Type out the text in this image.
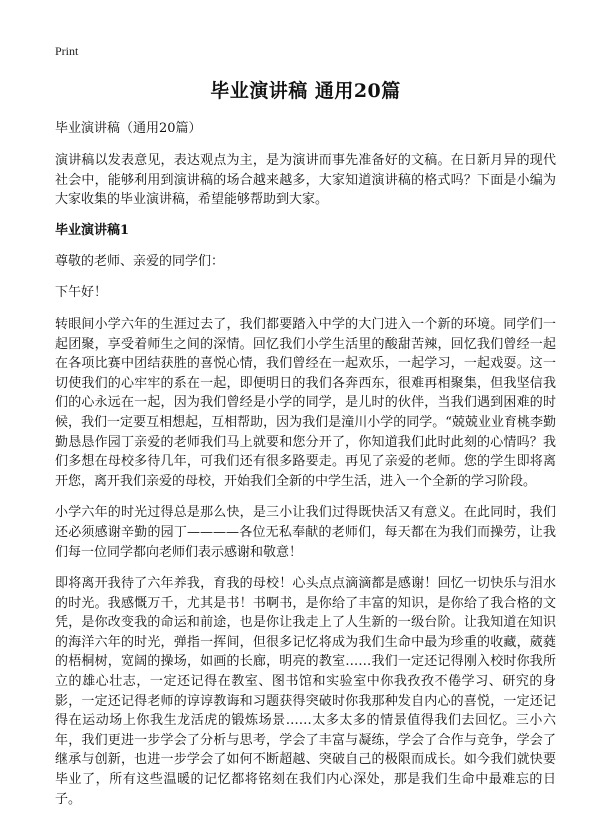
Print
毕业演讲稿 通用20篇
毕业演讲稿（通用20篇）

演讲稿以发表意见，表达观点为主，是为演讲而事先准备好的文稿。在日新月异的现代社会中，能够利用到演讲稿的场合越来越多，大家知道演讲稿的格式吗？下面是小编为大家收集的毕业演讲稿，希望能够帮助到大家。

毕业演讲稿1

尊敬的老师、亲爱的同学们：

下午好！

转眼间小学六年的生涯过去了，我们都要踏入中学的大门进入一个新的环境。同学们一起团聚，享受着师生之间的深情。回忆我们小学生活里的酸甜苦辣，回忆我们曾经一起在各项比赛中团结获胜的喜悦心情，我们曾经在一起欢乐，一起学习，一起戏耍。这一切使我们的心牢牢的系在一起，即便明日的我们各奔西东，很难再相聚集，但我坚信我们的心永远在一起，因为我们曾经是小学的同学，是儿时的伙伴，当我们遇到困难的时候，我们一定要互相想起，互相帮助，因为我们是潼川小学的同学。“兢兢业业育桃李勤勤恳恳作园丁亲爱的老师我们马上就要和您分开了，你知道我们此时此刻的心情吗？我们多想在母校多待几年，可我们还有很多路要走。再见了亲爱的老师。您的学生即将离开您，离开我们亲爱的母校，开始我们全新的中学生活，进入一个全新的学习阶段。

小学六年的时光过得总是那么快，是三小让我们过得既快活又有意义。在此同时，我们还必须感谢辛勤的园丁————各位无私奉献的老师们，每天都在为我们而操劳，让我们每一位同学都向老师们表示感谢和敬意！

即将离开我待了六年养我，育我的母校！心头点点滴滴都是感谢！回忆一切快乐与泪水的时光。我感慨万千，尤其是书！书啊书，是你给了丰富的知识，是你给了我合格的文凭，是你改变我的命运和前途，也是你让我走上了人生新的一级台阶。让我知道在知识的海洋六年的时光，弹指一挥间，但很多记忆将成为我们生命中最为珍重的收藏，葳蕤的梧桐树，宽阔的操场，如画的长廊，明亮的教室……我们一定还记得刚入校时你我所立的雄心壮志，一定还记得在教室、图书馆和实验室中你我孜孜不倦学习、研究的身影，一定还记得老师的谆谆教诲和习题获得突破时你我那种发自内心的喜悦，一定还记得在运动场上你我生龙活虎的锻炼场景……太多太多的情景值得我们去回忆。三小六年，我们更进一步学会了分析与思考，学会了丰富与凝练，学会了合作与竞争，学会了继承与创新，也进一步学会了如何不断超越、突破自己的极限而成长。如今我们就快要毕业了，所有这些温暖的记忆都将铭刻在我们内心深处，那是我们生命中最难忘的日子。
